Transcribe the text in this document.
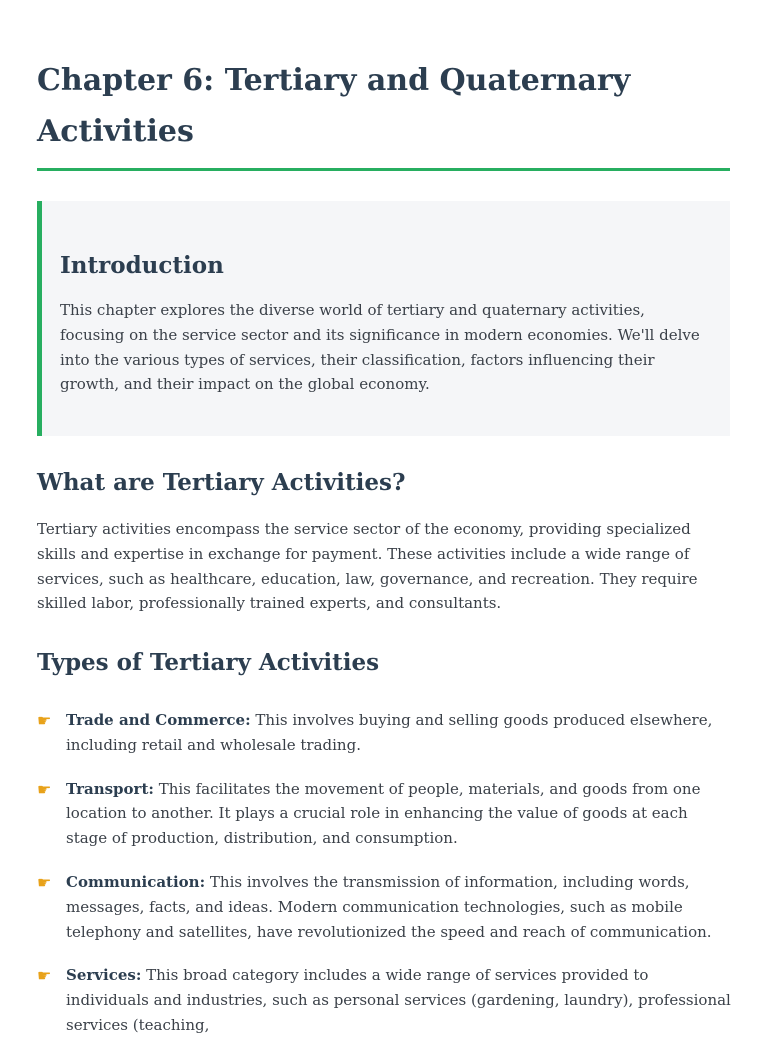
Chapter 6: Tertiary and Quaternary Activities
Introduction

This chapter explores the diverse world of tertiary and quaternary activities, focusing on the service sector and its significance in modern economies. We'll delve into the various types of services, their classification, factors influencing their growth, and their impact on the global economy.

What are Tertiary Activities?

Tertiary activities encompass the service sector of the economy, providing specialized skills and expertise in exchange for payment. These activities include a wide range of services, such as healthcare, education, law, governance, and recreation. They require skilled labor, professionally trained experts, and consultants.

Types of Tertiary Activities
☛ Trade and Commerce: This involves buying and selling goods produced elsewhere, including retail and wholesale trading.
☛ Transport: This facilitates the movement of people, materials, and goods from one location to another. It plays a crucial role in enhancing the value of goods at each stage of production, distribution, and consumption.
☛ Communication: This involves the transmission of information, including words, messages, facts, and ideas. Modern communication technologies, such as mobile telephony and satellites, have revolutionized the speed and reach of communication.
☛ Services: This broad category includes a wide range of services provided to individuals and industries, such as personal services (gardening, laundry), professional services (teaching,
